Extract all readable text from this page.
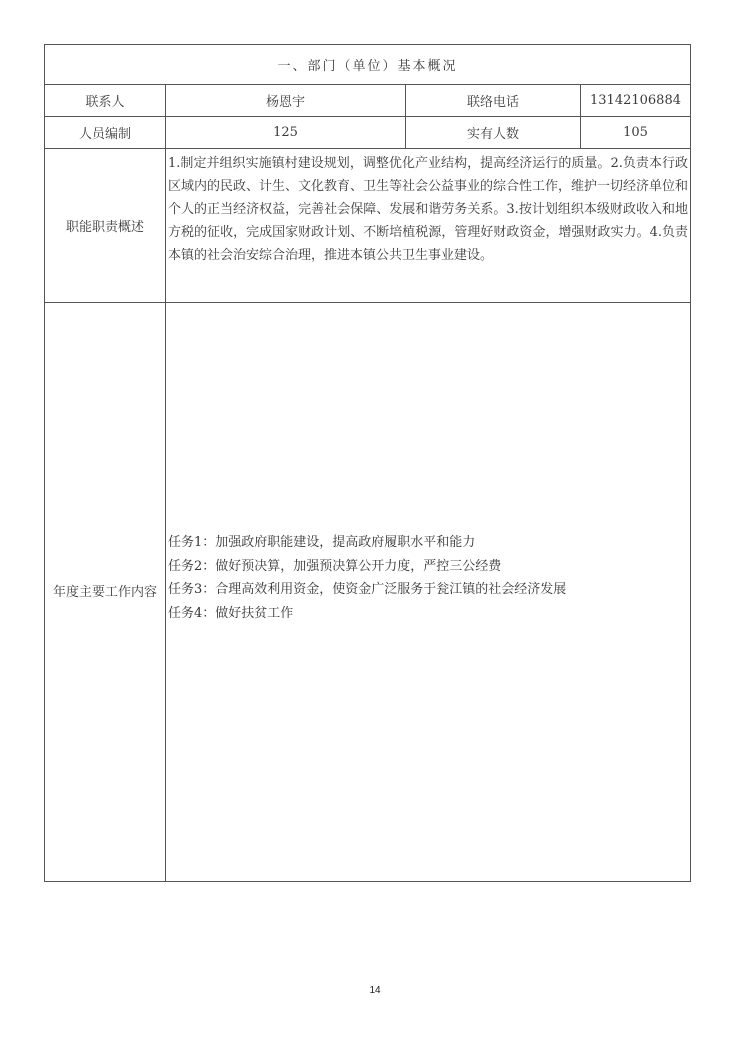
一、部门（单位）基本概况			
联系人	杨恩宇	联络电话	13142106884
人员编制	125	实有人数	105
职能职责概述	1.制定并组织实施镇村建设规划，调整优化产业结构，提高经济运行的质量。2.负责本行政区域内的民政、计生、文化教育、卫生等社会公益事业的综合性工作，维护一切经济单位和个人的正当经济权益，完善社会保障、发展和谐劳务关系。3.按计划组织本级财政收入和地方税的征收，完成国家财政计划、不断培植税源，管理好财政资金，增强财政实力。4.负责本镇的社会治安综合治理，推进本镇公共卫生事业建设。		

年度主要工作内容	任务1：加强政府职能建设，提高政府履职水平和能力
任务2：做好预决算，加强预决算公开力度，严控三公经费
任务3：合理高效利用资金，使资金广泛服务于瓮江镇的社会经济发展
任务4：做好扶贫工作		
14
